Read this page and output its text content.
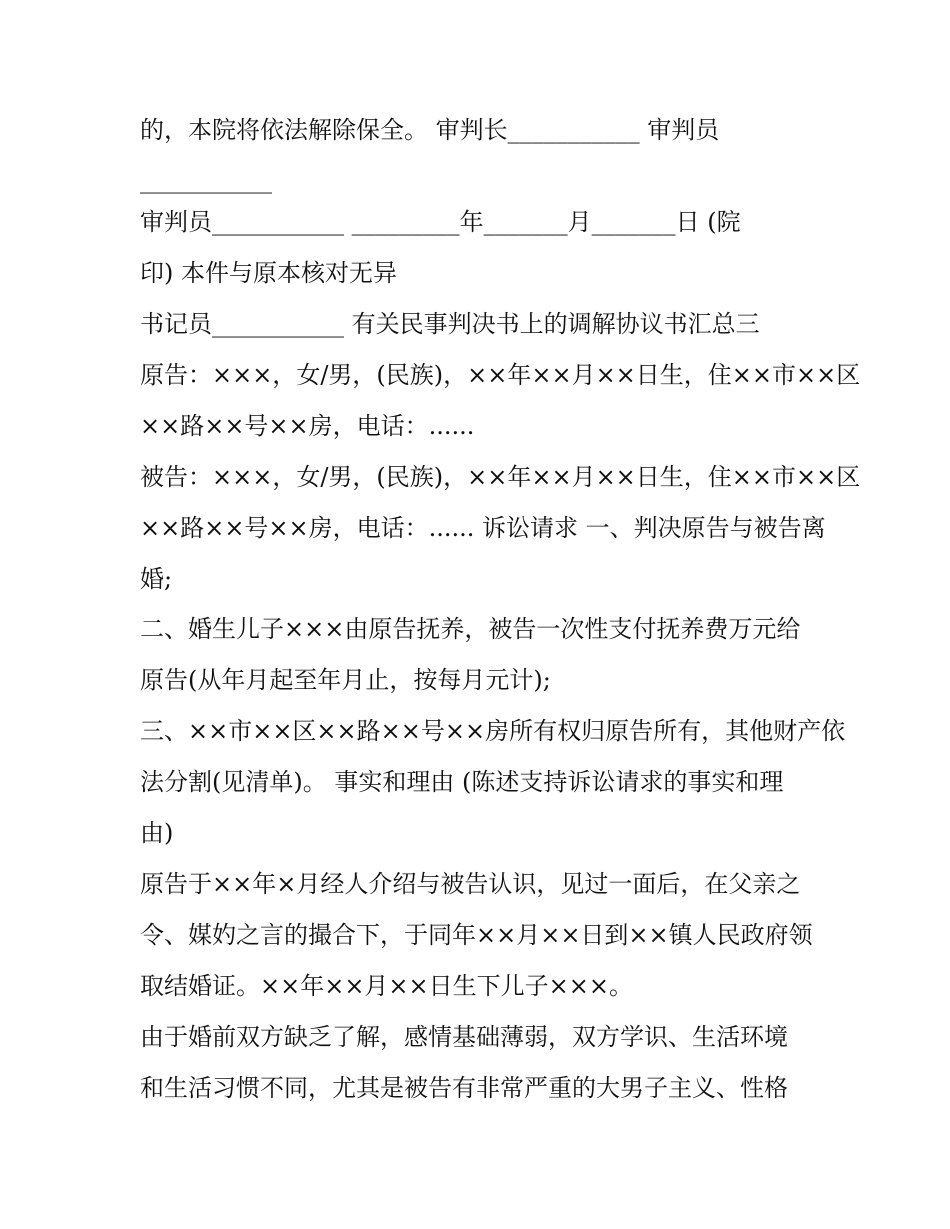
的，本院将依法解除保全。 审判长___________ 审判员
___________
审判员___________ _________年_______月_______日 (院
印) 本件与原本核对无异
书记员___________ 有关民事判决书上的调解协议书汇总三
原告：×××，女/男，(民族)，××年××月××日生，住××市××区
××路××号××房，电话：......
被告：×××，女/男，(民族)，××年××月××日生，住××市××区
××路××号××房，电话：...... 诉讼请求 一、判决原告与被告离
婚;
二、婚生儿子×××由原告抚养，被告一次性支付抚养费万元给
原告(从年月起至年月止，按每月元计);
三、××市××区××路××号××房所有权归原告所有，其他财产依
法分割(见清单)。 事实和理由 (陈述支持诉讼请求的事实和理
由)
原告于××年×月经人介绍与被告认识，见过一面后，在父亲之
令、媒妁之言的撮合下，于同年××月××日到××镇人民政府领
取结婚证。××年××月××日生下儿子×××。
由于婚前双方缺乏了解，感情基础薄弱，双方学识、生活环境
和生活习惯不同，尤其是被告有非常严重的大男子主义、性格
